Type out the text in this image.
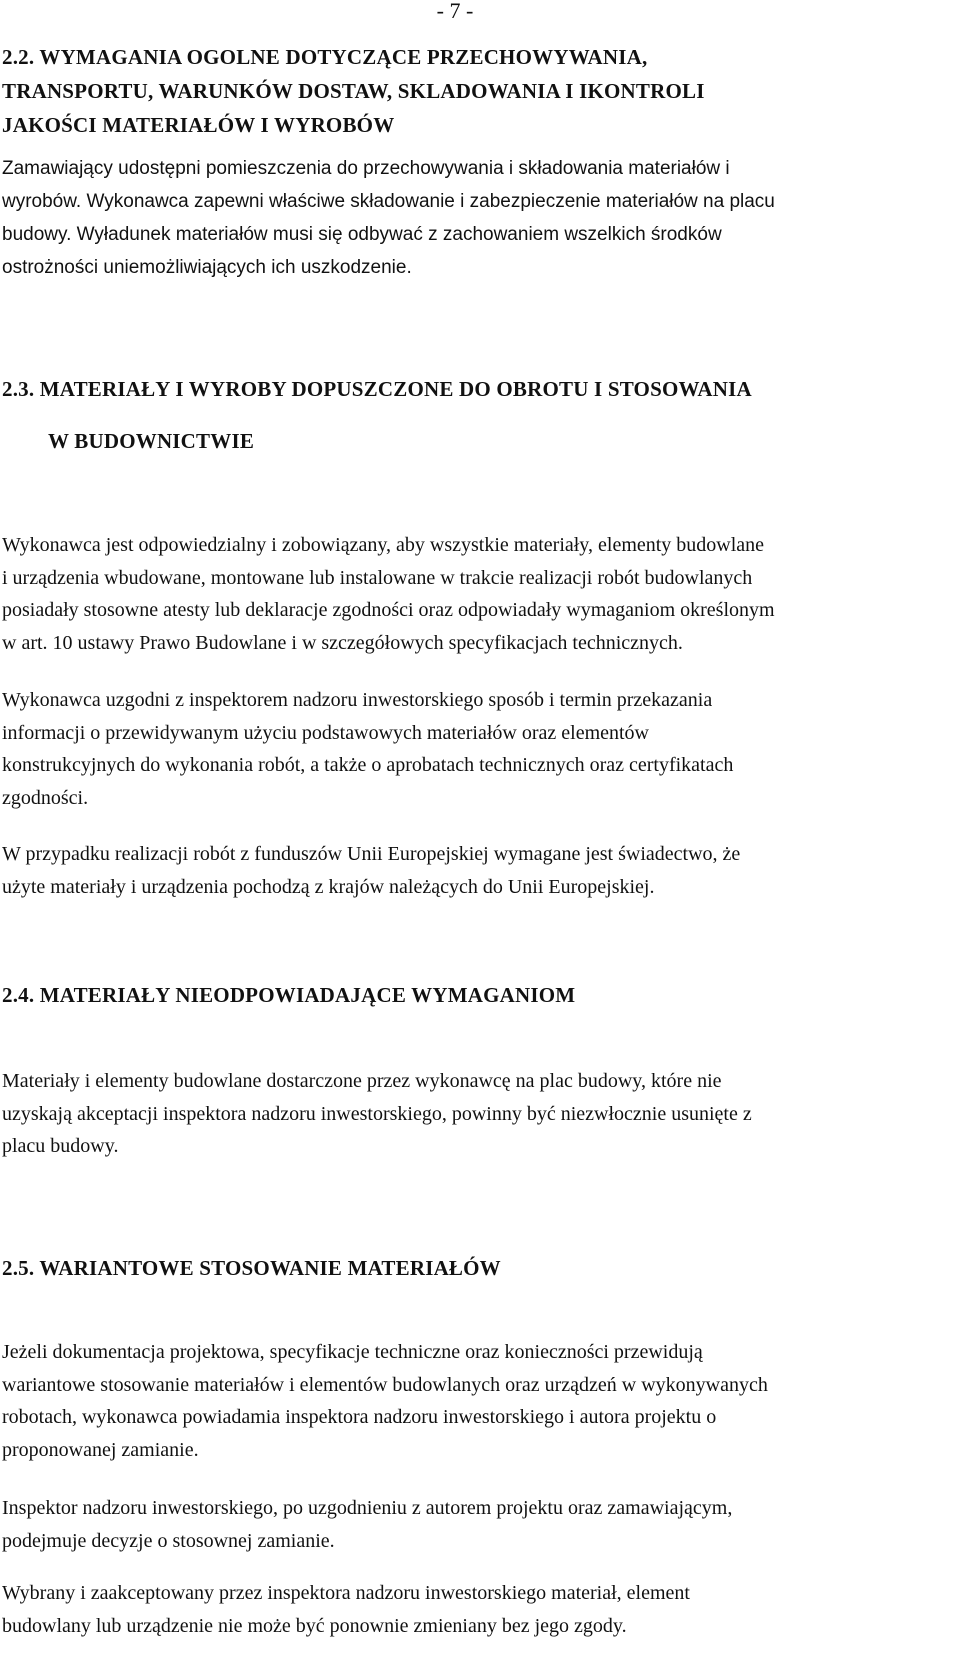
- 7 -
2.2. WYMAGANIA OGOLNE DOTYCZĄCE PRZECHOWYWANIA,
TRANSPORTU, WARUNKÓW DOSTAW, SKLADOWANIA I IKONTROLI
JAKOŚCI MATERIAŁÓW I WYROBÓW

Zamawiający udostępni pomieszczenia do przechowywania i składowania materiałów i
wyrobów. Wykonawca zapewni właściwe składowanie i zabezpieczenie materiałów na placu
budowy. Wyładunek materiałów musi się odbywać z zachowaniem wszelkich środków
ostrożności uniemożliwiających ich uszkodzenie.

2.3. MATERIAŁY I WYROBY DOPUSZCZONE DO OBROTU I STOSOWANIA
W BUDOWNICTWIE

Wykonawca jest odpowiedzialny i zobowiązany, aby wszystkie materiały, elementy budowlane
i urządzenia wbudowane, montowane lub instalowane w trakcie realizacji robót budowlanych
posiadały stosowne atesty lub deklaracje zgodności oraz odpowiadały wymaganiom określonym
w art. 10 ustawy Prawo Budowlane i w szczegółowych specyfikacjach technicznych.

Wykonawca uzgodni z inspektorem nadzoru inwestorskiego sposób i termin przekazania
informacji o przewidywanym użyciu podstawowych materiałów oraz elementów
konstrukcyjnych do wykonania robót, a także o aprobatach technicznych oraz certyfikatach
zgodności.

W przypadku realizacji robót z funduszów Unii Europejskiej wymagane jest świadectwo, że
użyte materiały i urządzenia pochodzą z krajów należących do Unii Europejskiej.

2.4. MATERIAŁY NIEODPOWIADAJĄCE WYMAGANIOM

Materiały i elementy budowlane dostarczone przez wykonawcę na plac budowy, które nie
uzyskają akceptacji inspektora nadzoru inwestorskiego, powinny być niezwłocznie usunięte z
placu budowy.

2.5. WARIANTOWE STOSOWANIE MATERIAŁÓW

Jeżeli dokumentacja projektowa, specyfikacje techniczne oraz konieczności przewidują
wariantowe stosowanie materiałów i elementów budowlanych oraz urządzeń w wykonywanych
robotach, wykonawca powiadamia inspektora nadzoru inwestorskiego i autora projektu o
proponowanej zamianie.

Inspektor nadzoru inwestorskiego, po uzgodnieniu z autorem projektu oraz zamawiającym,
podejmuje decyzje o stosownej zamianie.

Wybrany i zaakceptowany przez inspektora nadzoru inwestorskiego materiał, element
budowlany lub urządzenie nie może być ponownie zmieniany bez jego zgody.
